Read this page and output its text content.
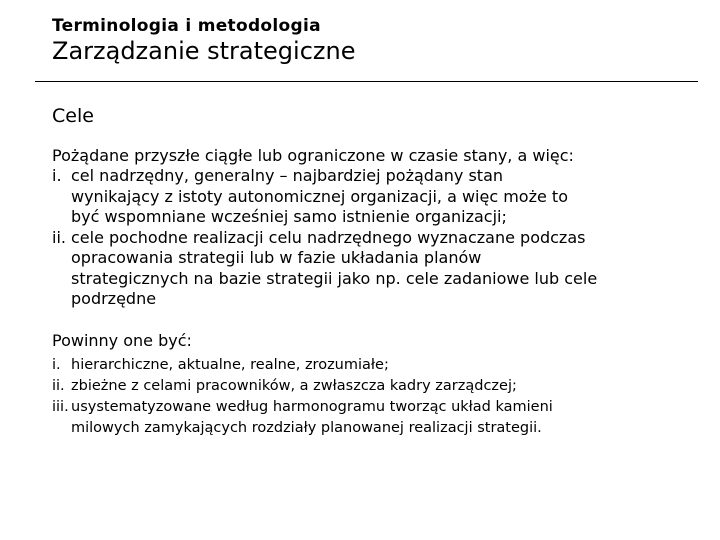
Terminologia i metodologia
Zarządzanie strategiczne
Cele
Pożądane przyszłe ciągłe lub ograniczone w czasie stany, a więc:
i. cel nadrzędny, generalny – najbardziej pożądany stan
wynikający z istoty autonomicznej organizacji, a więc może to
być wspomniane wcześniej samo istnienie organizacji;
ii. cele pochodne realizacji celu nadrzędnego wyznaczane podczas
opracowania strategii lub w fazie układania planów
strategicznych na bazie strategii jako np. cele zadaniowe lub cele
podrzędne
Powinny one być:
i. hierarchiczne, aktualne, realne, zrozumiałe;
ii. zbieżne z celami pracowników, a zwłaszcza kadry zarządczej;
iii. usystematyzowane według harmonogramu tworząc układ kamieni
milowych zamykających rozdziały planowanej realizacji strategii.
